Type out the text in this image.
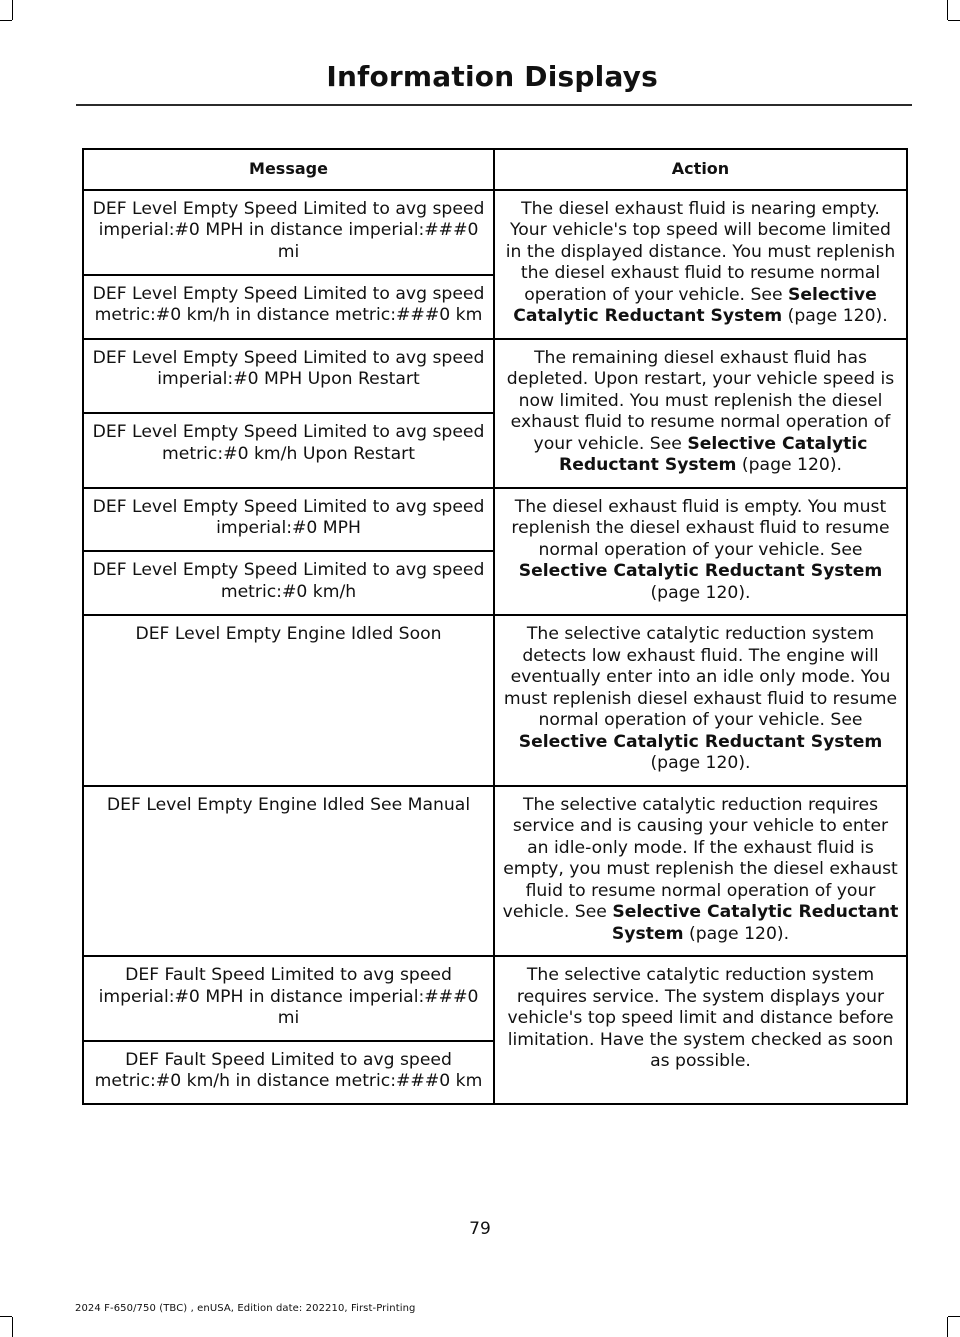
Information Displays
Message	Action
DEF Level Empty Speed Limited to avg speed imperial:#0 MPH in distance imperial:###0 mi	The diesel exhaust fluid is nearing empty. Your vehicle's top speed will become limited in the displayed distance. You must replenish the diesel exhaust fluid to resume normal operation of your vehicle. See Selective Catalytic Reductant System (page 120).
DEF Level Empty Speed Limited to avg speed metric:#0 km/h in distance metric:###0 km	
DEF Level Empty Speed Limited to avg speed imperial:#0 MPH Upon Restart	The remaining diesel exhaust fluid has depleted. Upon restart, your vehicle speed is now limited. You must replenish the diesel exhaust fluid to resume normal operation of your vehicle. See Selective Catalytic Reductant System (page 120).
DEF Level Empty Speed Limited to avg speed metric:#0 km/h Upon Restart	
DEF Level Empty Speed Limited to avg speed imperial:#0 MPH	The diesel exhaust fluid is empty. You must replenish the diesel exhaust fluid to resume normal operation of your vehicle. See Selective Catalytic Reductant System (page 120).
DEF Level Empty Speed Limited to avg speed metric:#0 km/h	
DEF Level Empty Engine Idled Soon	The selective catalytic reduction system detects low exhaust fluid. The engine will eventually enter into an idle only mode. You must replenish diesel exhaust fluid to resume normal operation of your vehicle. See Selective Catalytic Reductant System (page 120).
DEF Level Empty Engine Idled See Manual	The selective catalytic reduction requires service and is causing your vehicle to enter an idle-only mode. If the exhaust fluid is empty, you must replenish the diesel exhaust fluid to resume normal operation of your vehicle. See Selective Catalytic Reductant System (page 120).
DEF Fault Speed Limited to avg speed imperial:#0 MPH in distance imperial:###0 mi	The selective catalytic reduction system requires service. The system displays your vehicle's top speed limit and distance before limitation. Have the system checked as soon as possible.
DEF Fault Speed Limited to avg speed metric:#0 km/h in distance metric:###0 km	
79
2024 F-650/750 (TBC) , enUSA, Edition date: 202210, First-Printing
